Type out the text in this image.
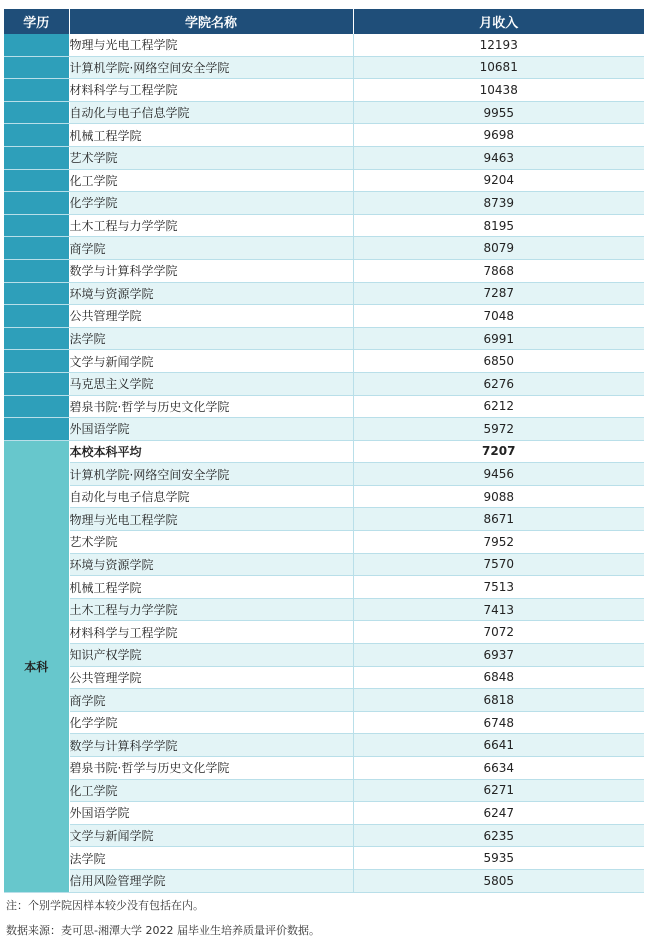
学历	学院名称	月收入
	物理与光电工程学院	12193
	计算机学院·网络空间安全学院	10681
	材料科学与工程学院	10438
	自动化与电子信息学院	9955
	机械工程学院	9698
	艺术学院	9463
	化工学院	9204
	化学学院	8739
	土木工程与力学学院	8195
	商学院	8079
	数学与计算科学学院	7868
	环境与资源学院	7287
	公共管理学院	7048
	法学院	6991
	文学与新闻学院	6850
	马克思主义学院	6276
	碧泉书院·哲学与历史文化学院	6212
	外国语学院	5972
本科	本校本科平均	7207
	计算机学院·网络空间安全学院	9456
	自动化与电子信息学院	9088
	物理与光电工程学院	8671
	艺术学院	7952
	环境与资源学院	7570
	机械工程学院	7513
	土木工程与力学学院	7413
	材料科学与工程学院	7072
	知识产权学院	6937
	公共管理学院	6848
	商学院	6818
	化学学院	6748
	数学与计算科学学院	6641
	碧泉书院·哲学与历史文化学院	6634
	化工学院	6271
	外国语学院	6247
	文学与新闻学院	6235
	法学院	5935
	信用风险管理学院	5805
注：个别学院因样本较少没有包括在内。
数据来源：麦可思-湘潭大学 2022 届毕业生培养质量评价数据。
